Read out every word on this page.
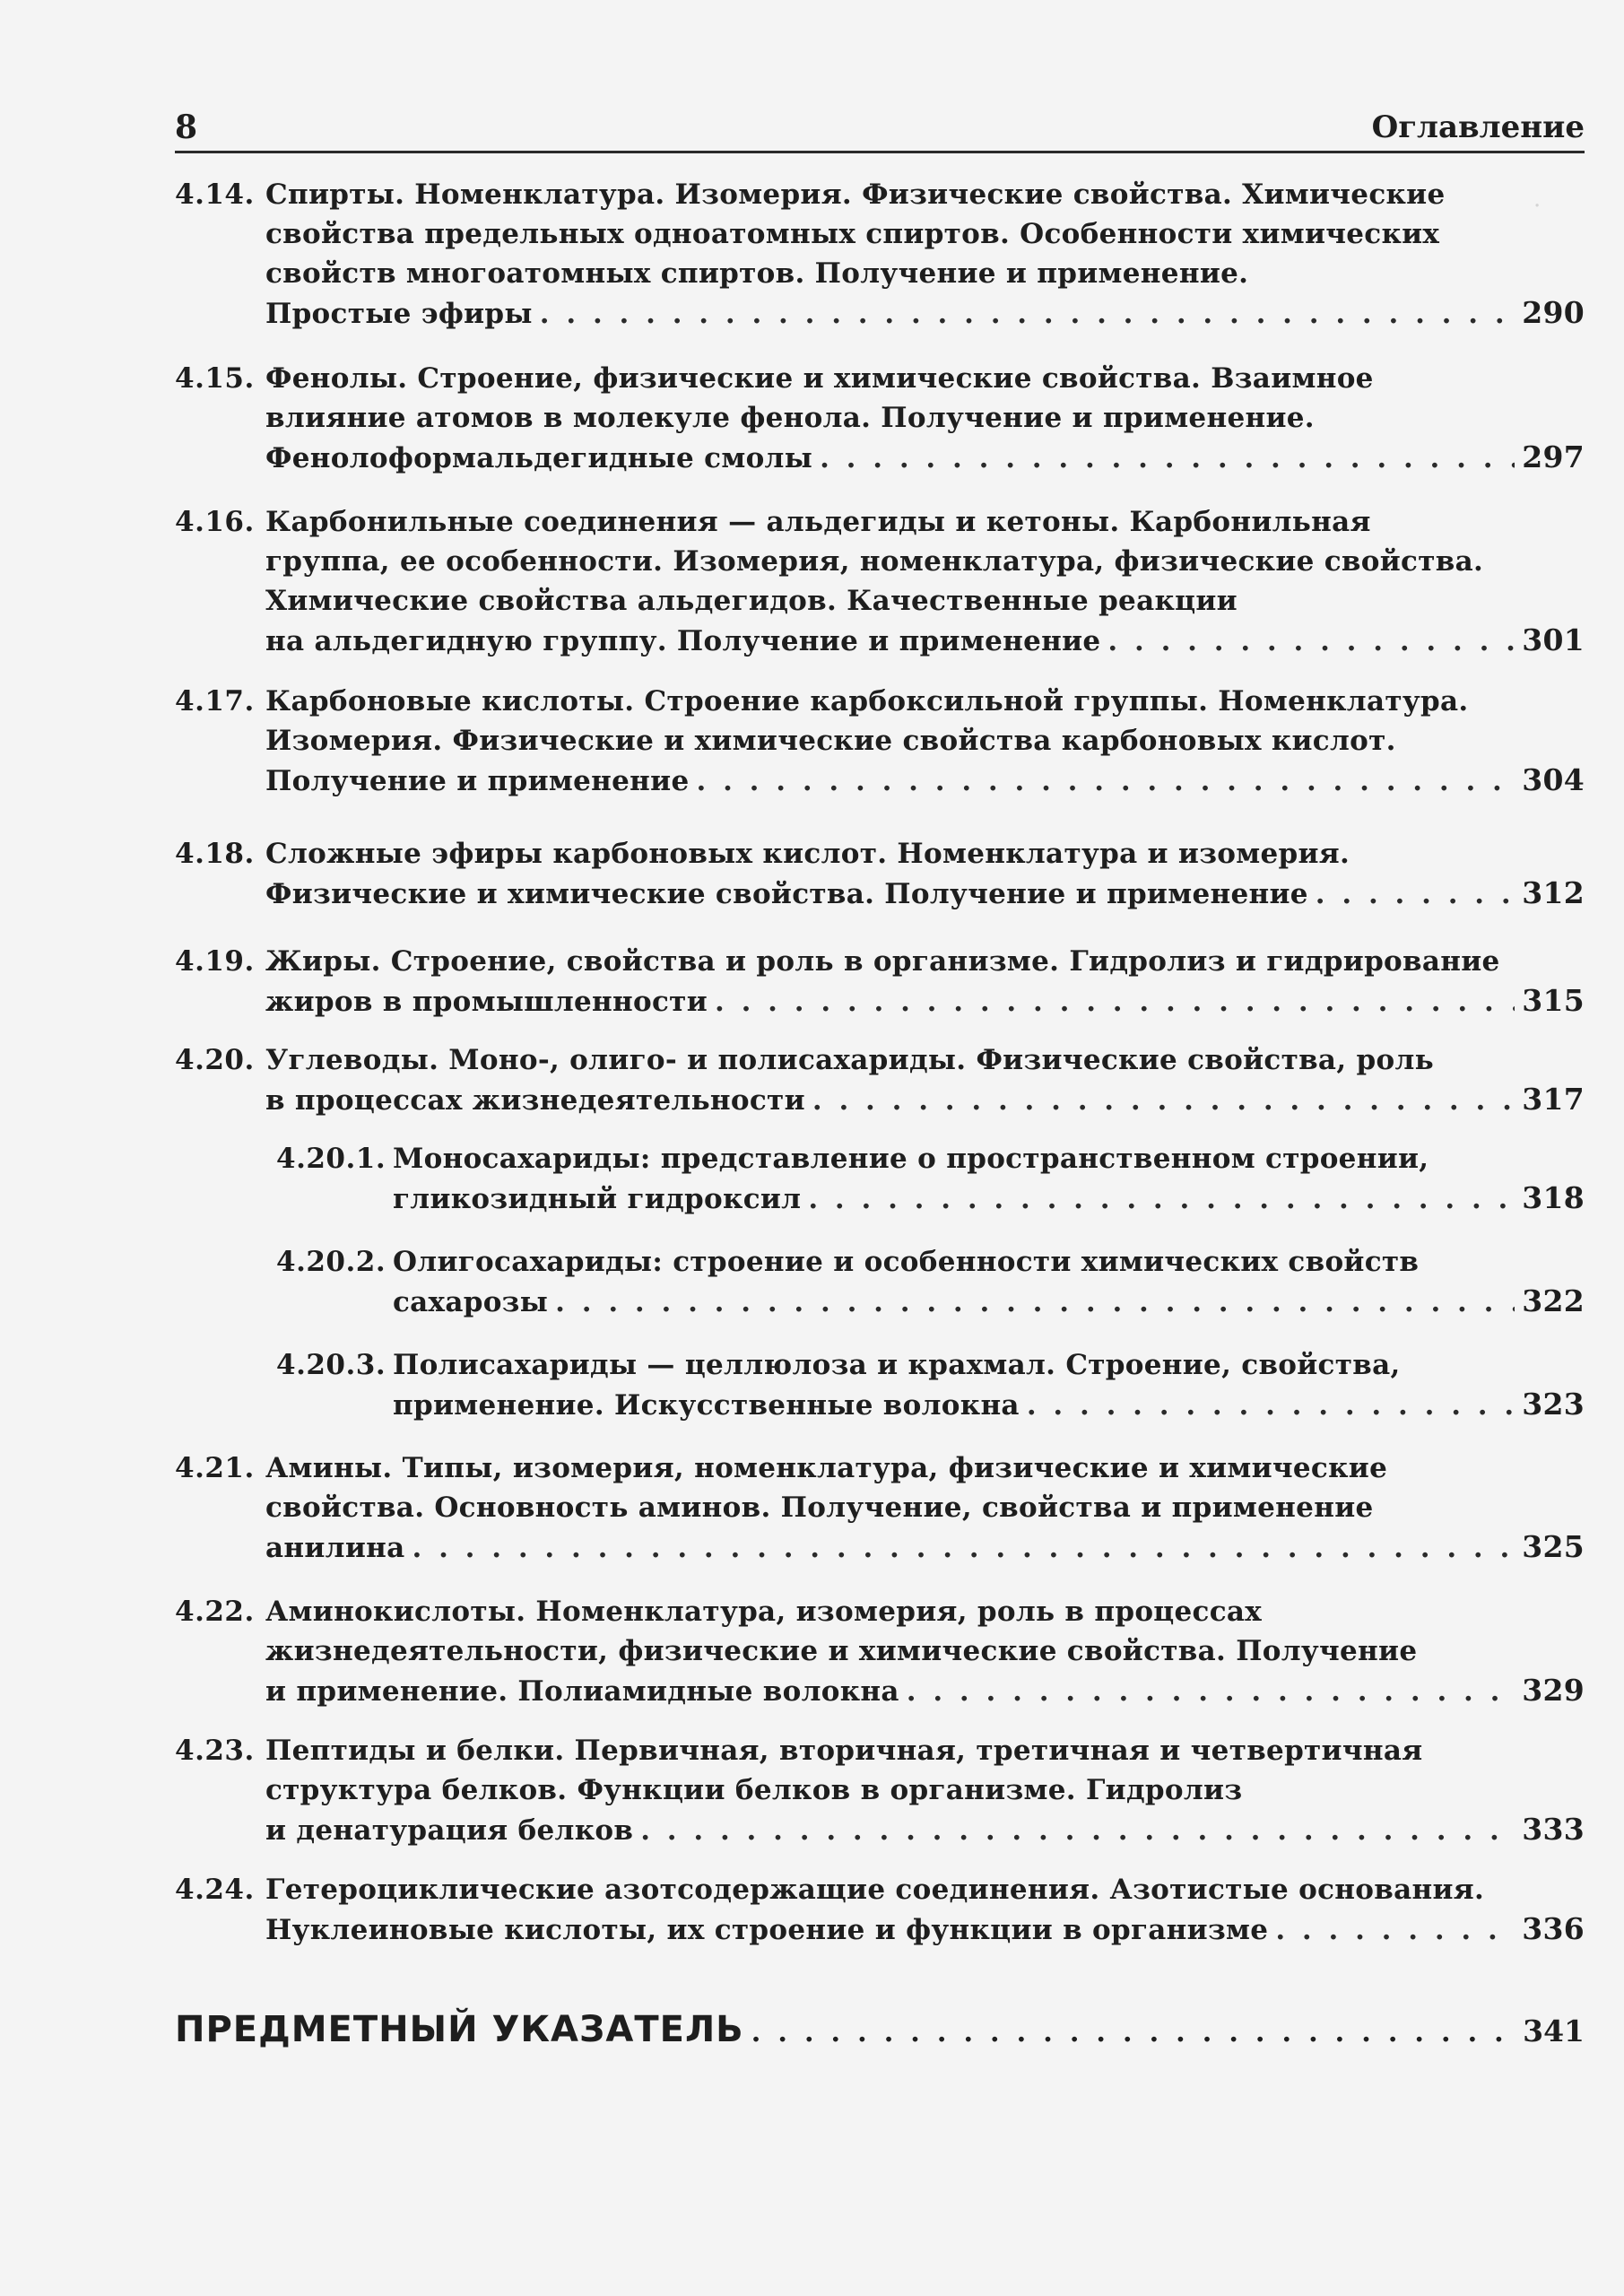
·
8	Оглавление
4.14. Спирты. Номенклатура. Изомерия. Физические свойства. Химические
свойства предельных одноатомных спиртов. Особенности химических
свойств многоатомных спиртов. Получение и применение.
Простые эфиры . . .	290
4.15. Фенолы. Строение, физические и химические свойства. Взаимное
влияние атомов в молекуле фенола. Получение и применение.
Фенолоформальдегидные смолы . . .	297
4.16. Карбонильные соединения — альдегиды и кетоны. Карбонильная
группа, ее особенности. Изомерия, номенклатура, физические свойства.
Химические свойства альдегидов. Качественные реакции
на альдегидную группу. Получение и применение . . .	301
4.17. Карбоновые кислоты. Строение карбоксильной группы. Номенклатура.
Изомерия. Физические и химические свойства карбоновых кислот.
Получение и применение . . .	304
4.18. Сложные эфиры карбоновых кислот. Номенклатура и изомерия.
Физические и химические свойства. Получение и применение . . .	312
4.19. Жиры. Строение, свойства и роль в организме. Гидролиз и гидрирование
жиров в промышленности . . .	315
4.20. Углеводы. Моно-, олиго- и полисахариды. Физические свойства, роль
в процессах жизнедеятельности . . .	317
4.20.1. Моносахариды: представление о пространственном строении,
гликозидный гидроксил . . .	318
4.20.2. Олигосахариды: строение и особенности химических свойств
сахарозы . . .	322
4.20.3. Полисахариды — целлюлоза и крахмал. Строение, свойства,
применение. Искусственные волокна . . .	323
4.21. Амины. Типы, изомерия, номенклатура, физические и химические
свойства. Основность аминов. Получение, свойства и применение
анилина . . .	325
4.22. Аминокислоты. Номенклатура, изомерия, роль в процессах
жизнедеятельности, физические и химические свойства. Получение
и применение. Полиамидные волокна . . .	329
4.23. Пептиды и белки. Первичная, вторичная, третичная и четвертичная
структура белков. Функции белков в организме. Гидролиз
и денатурация белков . . .	333
4.24. Гетероциклические азотсодержащие соединения. Азотистые основания.
Нуклеиновые кислоты, их строение и функции в организме . . .	336
ПРЕДМЕТНЫЙ УКАЗАТЕЛЬ . . .	341
